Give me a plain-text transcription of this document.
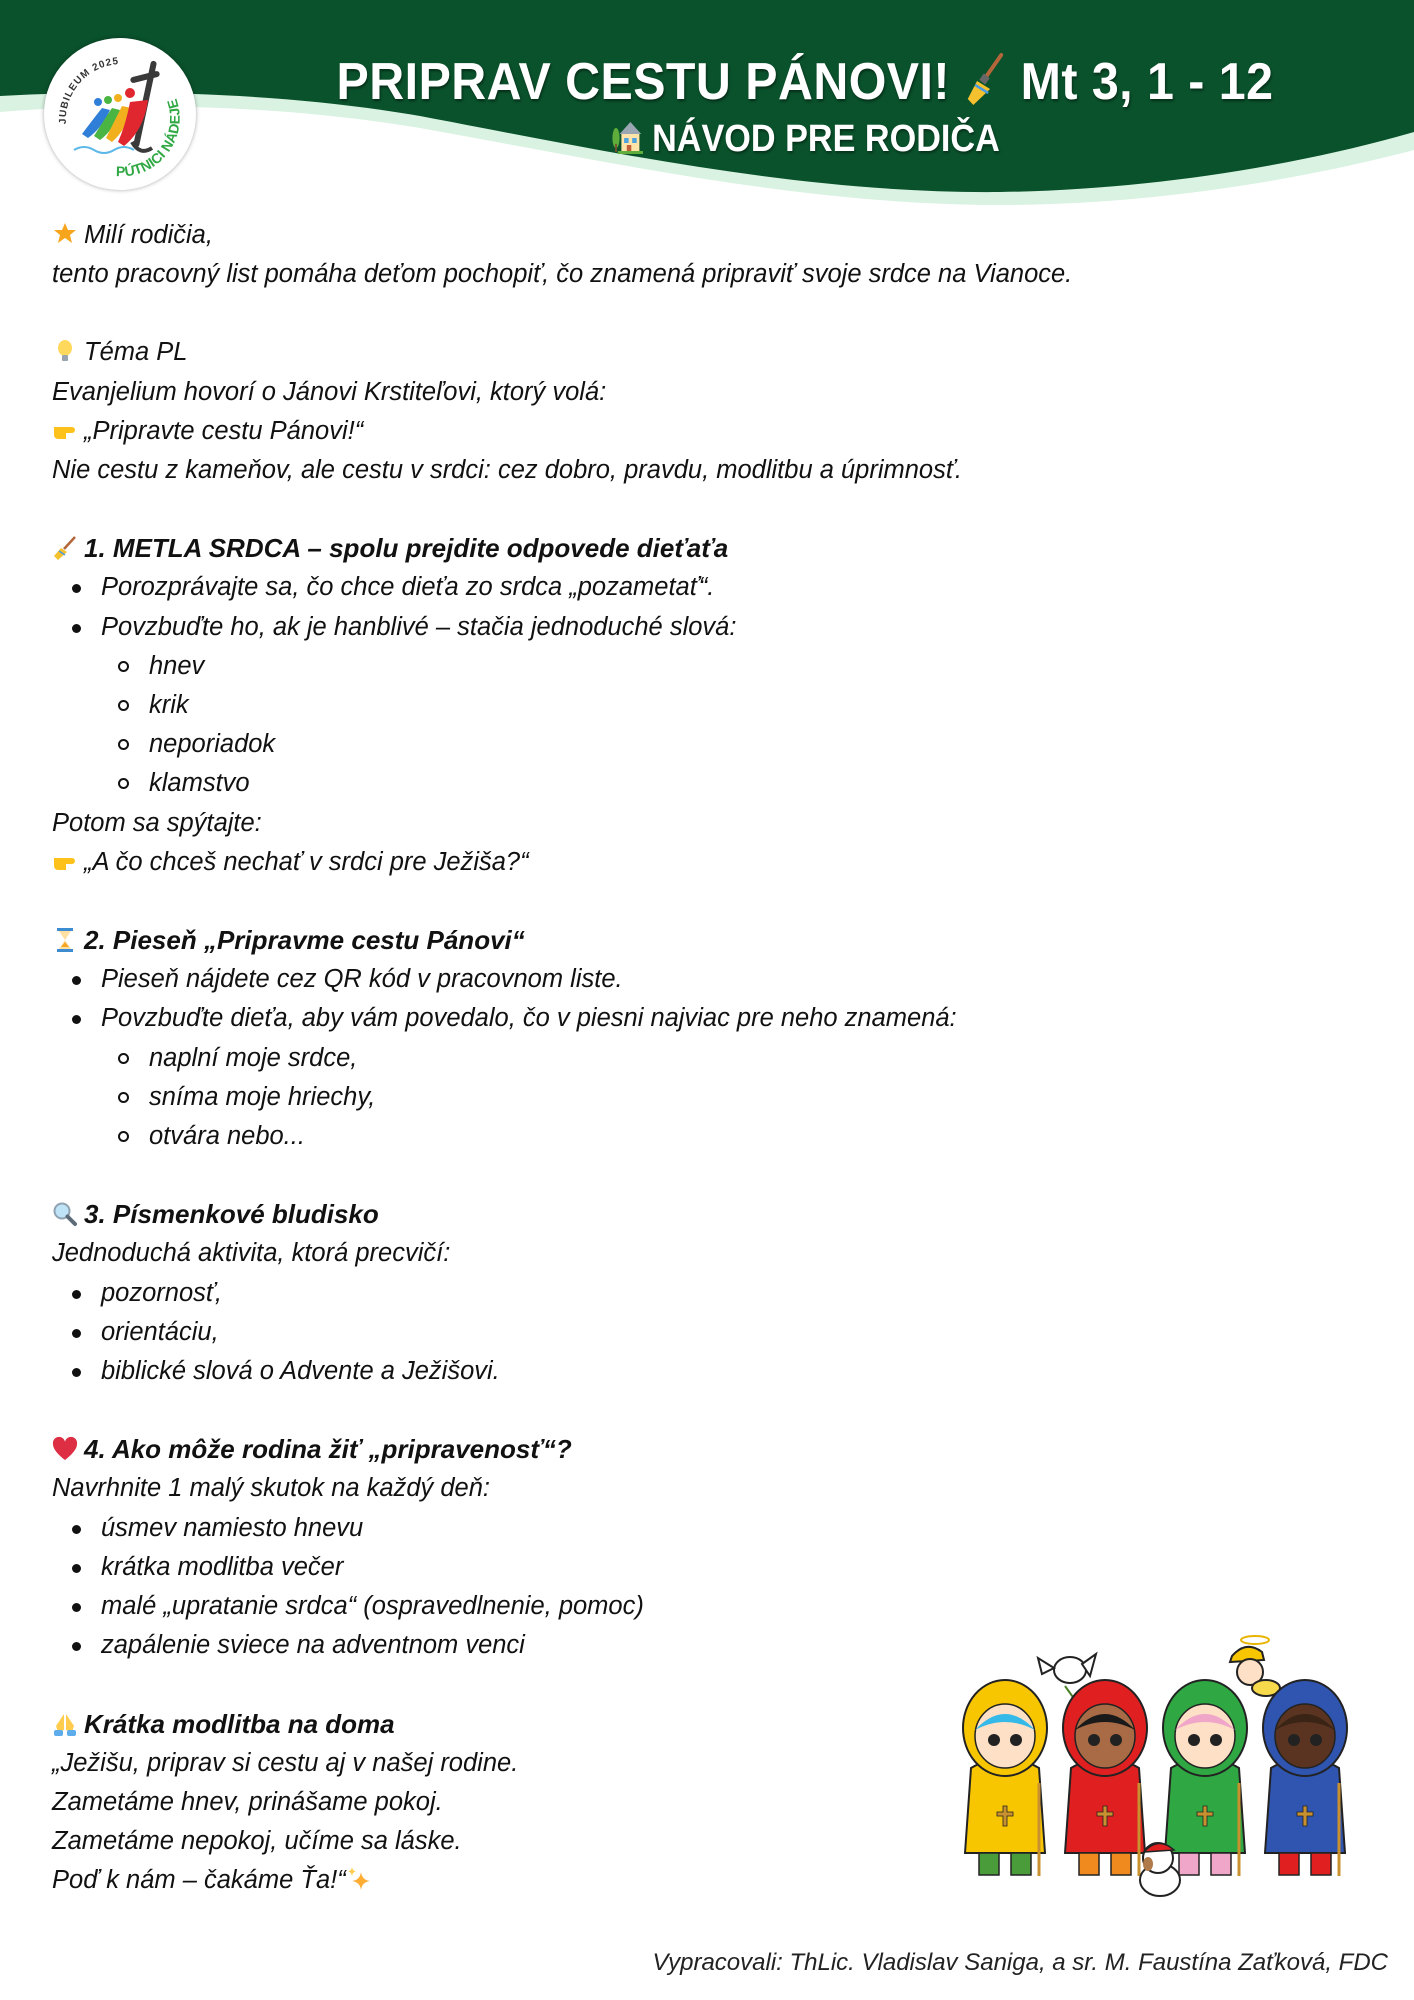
JUBILEUM 2025
PÚTNICI NÁDEJE	PRIPRAV CESTU PÁNOVI! Mt 3, 1 - 12
NÁVOD PRE RODIČA

Milí rodičia,

tento pracovný list pomáha deťom pochopiť, čo znamená pripraviť svoje srdce na Vianoce.

Téma PL

Evanjelium hovorí o Jánovi Krstiteľovi, ktorý volá:

„Pripravte cestu Pánovi!“

Nie cestu z kameňov, ale cestu v srdci: cez dobro, pravdu, modlitbu a úprimnosť.

1. METLA SRDCA – spolu prejdite odpovede dieťaťa

Porozprávajte sa, čo chce dieťa zo srdca „pozametať“.
Povzbuďte ho, ak je hanblivé – stačia jednoduché slová:
hnev
krik
neporiadok
klamstvo

Potom sa spýtajte:

„A čo chceš nechať v srdci pre Ježiša?“

2. Pieseň „Pripravme cestu Pánovi“

Pieseň nájdete cez QR kód v pracovnom liste.
Povzbuďte dieťa, aby vám povedalo, čo v piesni najviac pre neho znamená:
naplní moje srdce,
sníma moje hriechy,
otvára nebo...

3. Písmenkové bludisko

Jednoduchá aktivita, ktorá precvičí:

pozornosť,
orientáciu,
biblické slová o Advente a Ježišovi.

4. Ako môže rodina žiť „pripravenosť“?

Navrhnite 1 malý skutok na každý deň:

úsmev namiesto hnevu
krátka modlitba večer
malé „upratanie srdca“ (ospravedlnenie, pomoc)
zapálenie sviece na adventnom venci

Krátka modlitba na doma

„Ježišu, priprav si cestu aj v našej rodine.

Zametáme hnev, prinášame pokoj.

Zametáme nepokoj, učíme sa láske.

Poď k nám – čakáme Ťa!“

Vypracovali: ThLic. Vladislav Saniga, a sr. M. Faustína Zaťková, FDC
